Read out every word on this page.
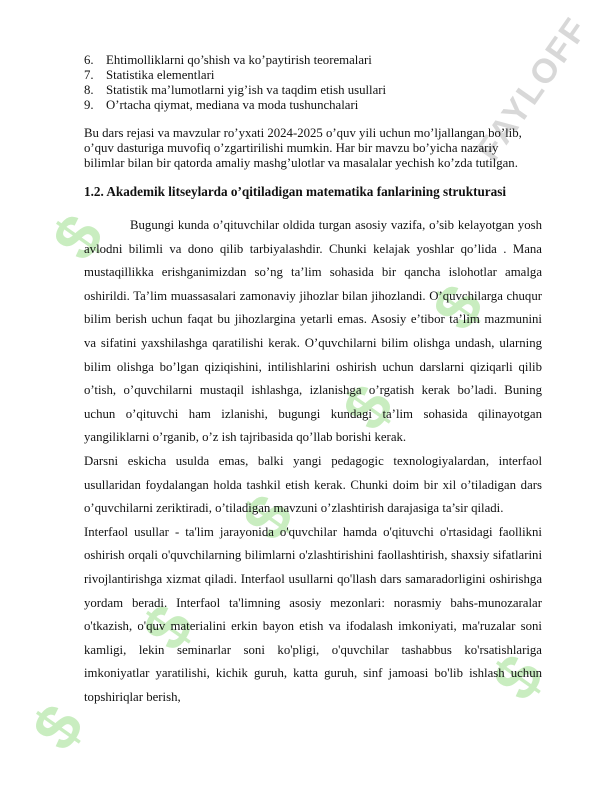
$
$
$
$
$
$
$
FAYLOFF
6. Ehtimolliklarni qo’shish va ko’paytirish teoremalari
7. Statistika elementlari
8. Statistik ma’lumotlarni yig’ish va taqdim etish usullari
9. O’rtacha qiymat, mediana va moda tushunchalari
Bu dars rejasi va mavzular ro’yxati 2024-2025 o’quv yili uchun mo’ljallangan bo’lib, o’quv dasturiga muvofiq o’zgartirilishi mumkin. Har bir mavzu bo’yicha nazariy bilimlar bilan bir qatorda amaliy mashg’ulotlar va masalalar yechish ko’zda tutilgan.
1.2. Akademik litseylarda o’qitiladigan matematika fanlarining strukturasi

Bugungi kunda o’qituvchilar oldida turgan asosiy vazifa, o’sib kelayotgan yosh avlodni bilimli va dono qilib tarbiyalashdir. Chunki kelajak yoshlar qo’lida . Mana mustaqillikka erishganimizdan so’ng ta’lim sohasida bir qancha islohotlar amalga oshirildi. Ta’lim muassasalari zamonaviy jihozlar bilan jihozlandi. O’quvchilarga chuqur bilim berish uchun faqat bu jihozlargina yetarli emas. Asosiy e’tibor ta’lim mazmunini va sifatini yaxshilashga qaratilishi kerak. O’quvchilarni bilim olishga undash, ularning bilim olishga bo’lgan qiziqishini, intilishlarini oshirish uchun darslarni qiziqarli qilib o’tish, o’quvchilarni mustaqil ishlashga, izlanishga o’rgatish kerak bo’ladi. Buning uchun o’qituvchi ham izlanishi, bugungi kundagi ta’lim sohasida qilinayotgan yangiliklarni o’rganib, o’z ish tajribasida qo’llab borishi kerak.

Darsni eskicha usulda emas, balki yangi pedagogic texnologiyalardan, interfaol usullaridan foydalangan holda tashkil etish kerak. Chunki doim bir xil o’tiladigan dars o’quvchilarni zeriktiradi, o’tiladigan mavzuni o’zlashtirish darajasiga ta’sir qiladi.

Interfaol usullar - ta'lim jarayonida o'quvchilar hamda o'qituvchi o'rtasidagi faollikni oshirish orqali o'quvchilarning bilimlarni o'zlashtirishini faollashtirish, shaxsiy sifatlarini rivojlantirishga xizmat qiladi. Interfaol usullarni qo'llash dars samaradorligini oshirishga yordam beradi. Interfaol ta'limning asosiy mezonlari: norasmiy bahs-munozaralar o'tkazish, o'quv materialini erkin bayon etish va ifodalash imkoniyati, ma'ruzalar soni kamligi, lekin seminarlar soni ko'pligi, o'quvchilar tashabbus ko'rsatishlariga imkoniyatlar yaratilishi, kichik guruh, katta guruh, sinf jamoasi bo'lib ishlash uchun topshiriqlar berish,
